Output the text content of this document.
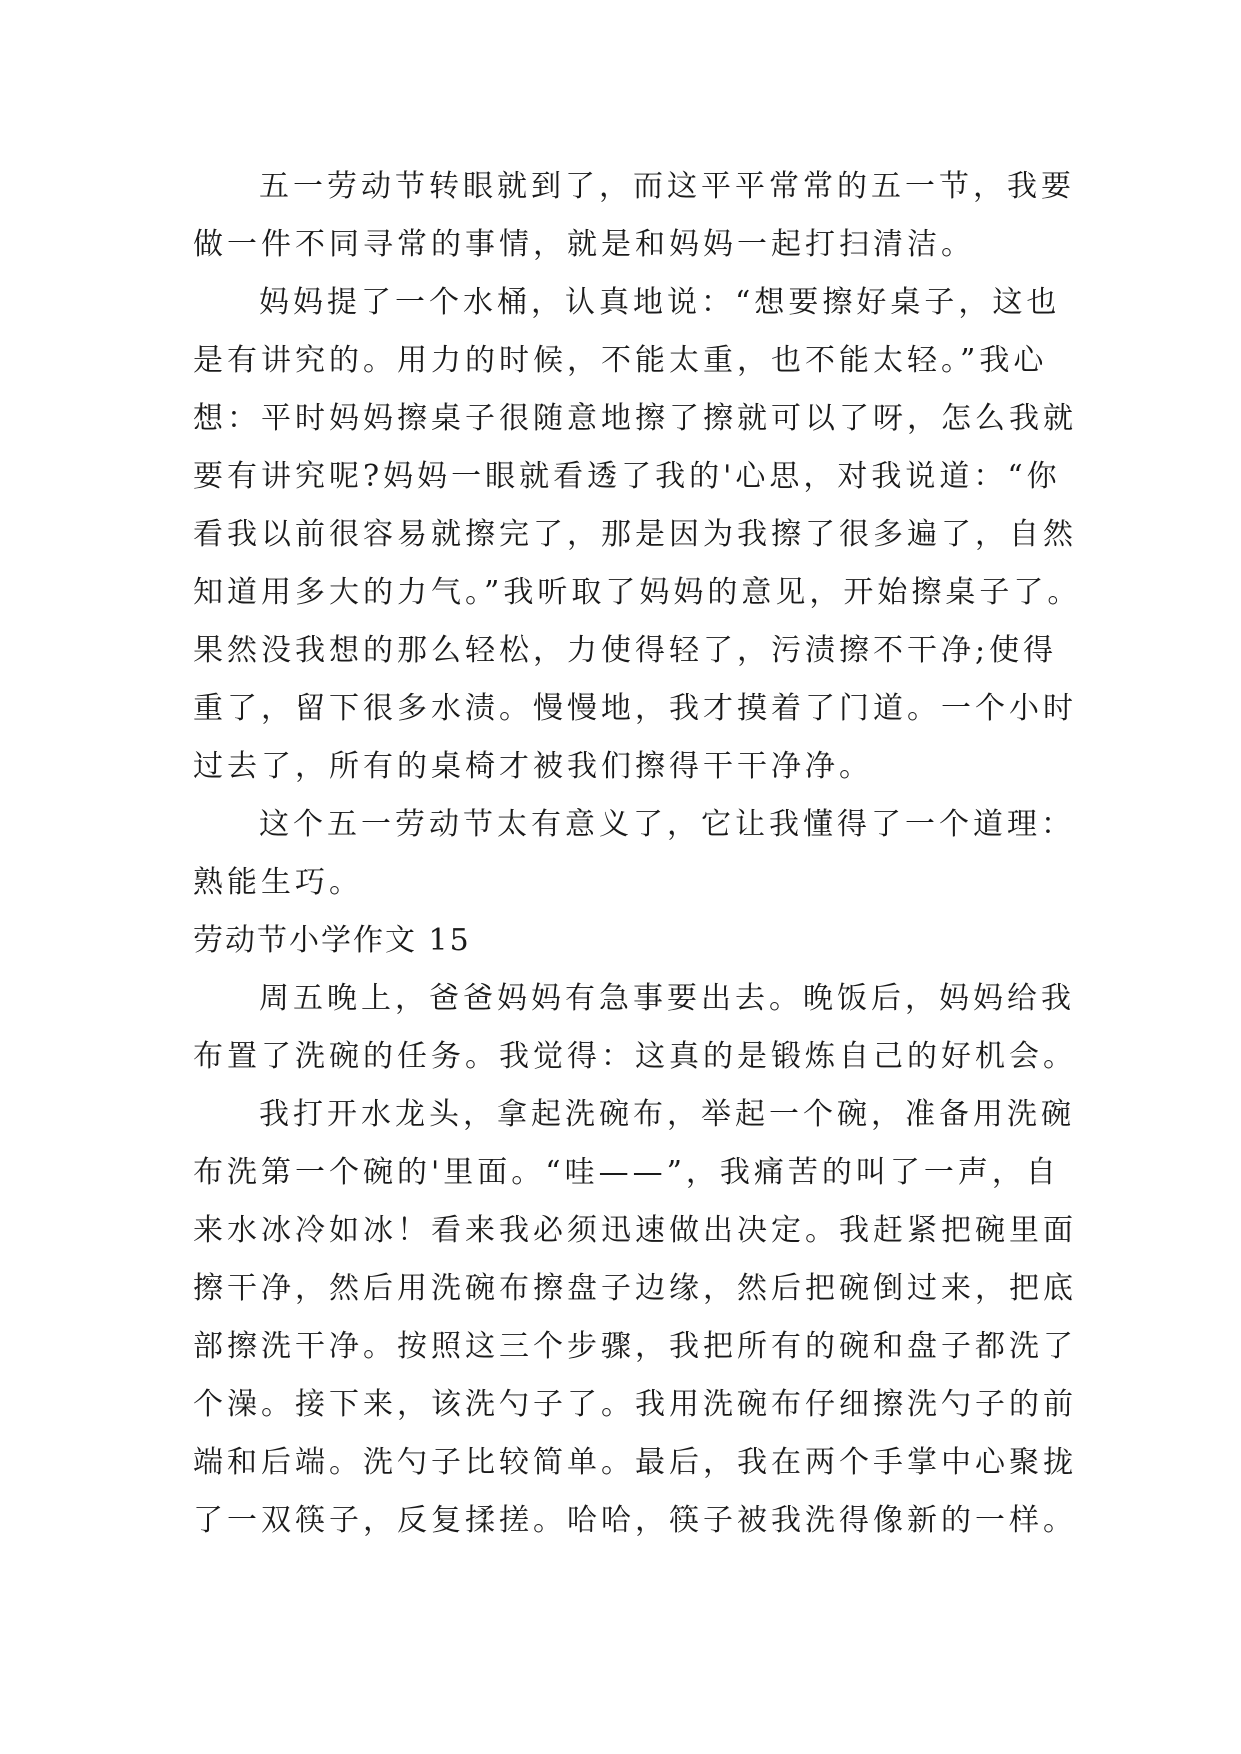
五一劳动节转眼就到了，而这平平常常的五一节，我要
做一件不同寻常的事情，就是和妈妈一起打扫清洁。
妈妈提了一个水桶，认真地说：“想要擦好桌子，这也
是有讲究的。用力的时候，不能太重，也不能太轻。”我心
想：平时妈妈擦桌子很随意地擦了擦就可以了呀，怎么我就
要有讲究呢?妈妈一眼就看透了我的'心思，对我说道：“你
看我以前很容易就擦完了，那是因为我擦了很多遍了，自然
知道用多大的力气。”我听取了妈妈的意见，开始擦桌子了。
果然没我想的那么轻松，力使得轻了，污渍擦不干净;使得
重了，留下很多水渍。慢慢地，我才摸着了门道。一个小时
过去了，所有的桌椅才被我们擦得干干净净。
这个五一劳动节太有意义了，它让我懂得了一个道理：
熟能生巧。
劳动节小学作文 15
周五晚上，爸爸妈妈有急事要出去。晚饭后，妈妈给我
布置了洗碗的任务。我觉得：这真的是锻炼自己的好机会。
我打开水龙头，拿起洗碗布，举起一个碗，准备用洗碗
布洗第一个碗的'里面。“哇——”，我痛苦的叫了一声，自
来水冰冷如冰！看来我必须迅速做出决定。我赶紧把碗里面
擦干净，然后用洗碗布擦盘子边缘，然后把碗倒过来，把底
部擦洗干净。按照这三个步骤，我把所有的碗和盘子都洗了
个澡。接下来，该洗勺子了。我用洗碗布仔细擦洗勺子的前
端和后端。洗勺子比较简单。最后，我在两个手掌中心聚拢
了一双筷子，反复揉搓。哈哈，筷子被我洗得像新的一样。
